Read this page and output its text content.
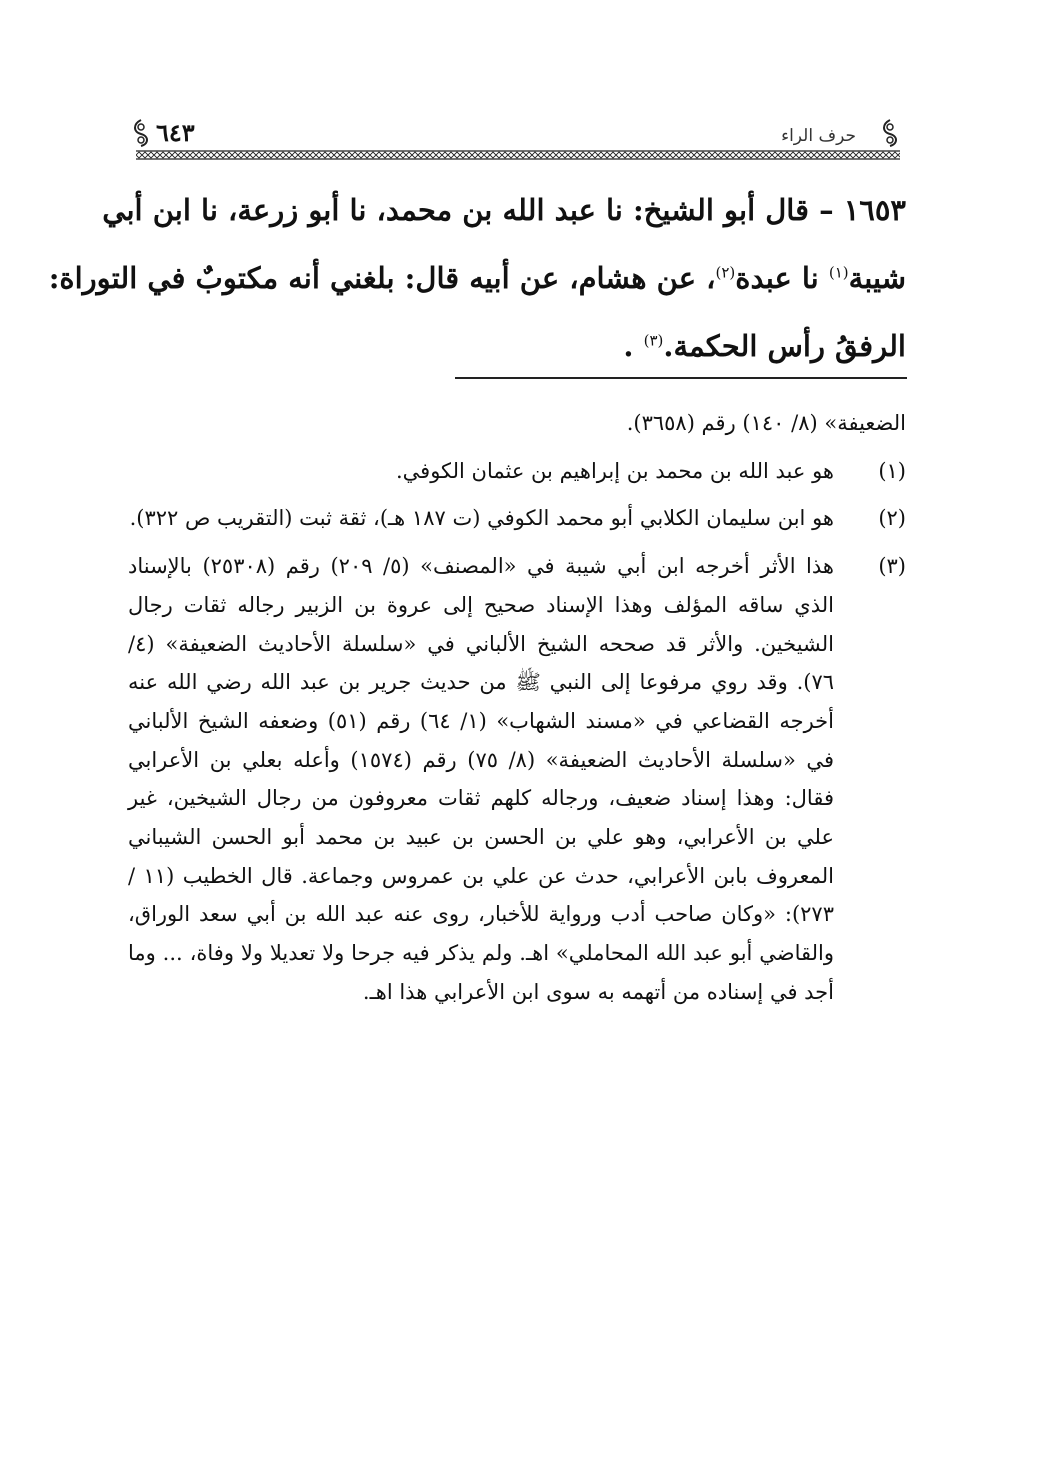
حرف الراء
٦٤٣
١٦٥٣ – قال أبو الشيخ: نا عبد الله بن محمد، نا أبو زرعة، نا ابن أبي
شيبة$^{(١)}$ نا عبدة$^{(٢)}$، عن هشام، عن أبيه قال: بلغني أنه مكتوبٌ في التوراة:
الرفقُ رأس الحكمة.$^{(٣)}$ .

الضعيفة» (٨/ ١٤٠) رقم (٣٦٥٨).

(١)
هو عبد الله بن محمد بن إبراهيم بن عثمان الكوفي.

(٢)
هو ابن سليمان الكلابي أبو محمد الكوفي (ت ١٨٧ هـ)، ثقة ثبت (التقريب ص ٣٢٢).

(٣)
هذا الأثر أخرجه ابن أبي شيبة في «المصنف» (٥/ ٢٠٩) رقم (٢٥٣٠٨) بالإسناد الذي ساقه المؤلف وهذا الإسناد صحيح إلى عروة بن الزبير رجاله ثقات رجال الشيخين. والأثر قد صححه الشيخ الألباني في «سلسلة الأحاديث الضعيفة» (٤/ ٧٦). وقد روي مرفوعا إلى النبي ﷺ من حديث جرير بن عبد الله رضي الله عنه أخرجه القضاعي في «مسند الشهاب» (١/ ٦٤) رقم (٥١) وضعفه الشيخ الألباني في «سلسلة الأحاديث الضعيفة» (٨/ ٧٥) رقم (١٥٧٤) وأعله بعلي بن الأعرابي فقال: وهذا إسناد ضعيف، ورجاله كلهم ثقات معروفون من رجال الشيخين، غير علي بن الأعرابي، وهو علي بن الحسن بن عبيد بن محمد أبو الحسن الشيباني المعروف بابن الأعرابي، حدث عن علي بن عمروس وجماعة. قال الخطيب (١١ / ٢٧٣): «وكان صاحب أدب ورواية للأخبار، روى عنه عبد الله بن أبي سعد الوراق، والقاضي أبو عبد الله المحاملي» اهـ. ولم يذكر فيه جرحا ولا تعديلا ولا وفاة، ... وما أجد في إسناده من أتهمه به سوى ابن الأعرابي هذا اهـ.
